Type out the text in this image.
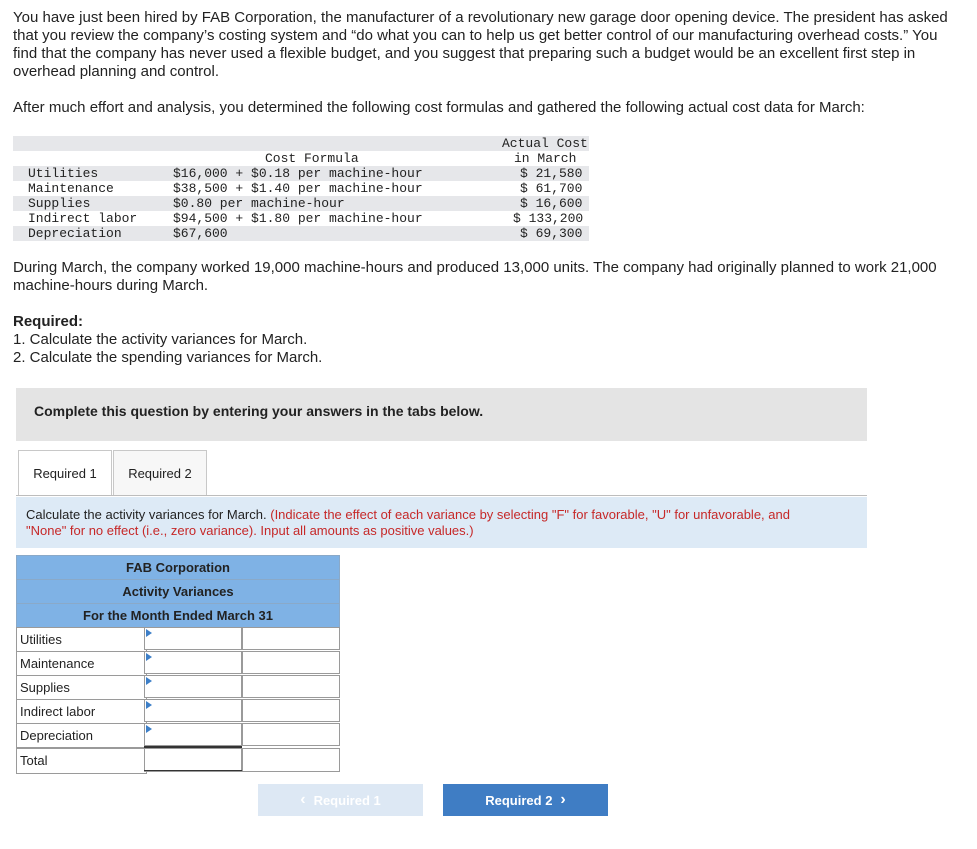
You have just been hired by FAB Corporation, the manufacturer of a revolutionary new garage door opening device. The president has asked that you review the company’s costing system and “do what you can to help us get better control of our manufacturing overhead costs.” You find that the company has never used a flexible budget, and you suggest that preparing such a budget would be an excellent first step in overhead planning and control.

After much effort and analysis, you determined the following cost formulas and gathered the following actual cost data for March:

Actual Cost
in March
Cost Formula
Utilities	$16,000 + $0.18 per machine-hour	$ 21,580
Maintenance	$38,500 + $1.40 per machine-hour	$ 61,700
Supplies	$0.80 per machine-hour	$ 16,600
Indirect labor	$94,500 + $1.80 per machine-hour	$ 133,200
Depreciation	$67,600	$ 69,300

During March, the company worked 19,000 machine-hours and produced 13,000 units. The company had originally planned to work 21,000 machine-hours during March.

Required:
1. Calculate the activity variances for March.
2. Calculate the spending variances for March.
Complete this question by entering your answers in the tabs below.
Required 1 Required 2
Calculate the activity variances for March. (Indicate the effect of each variance by selecting "F" for favorable, "U" for unfavorable, and "None" for no effect (i.e., zero variance). Input all amounts as positive values.)
FAB Corporation
Activity Variances
For the Month Ended March 31
Utilities
Maintenance
Supplies
Indirect labor
Depreciation
Total
‹ Required 1	Required 2 ›
